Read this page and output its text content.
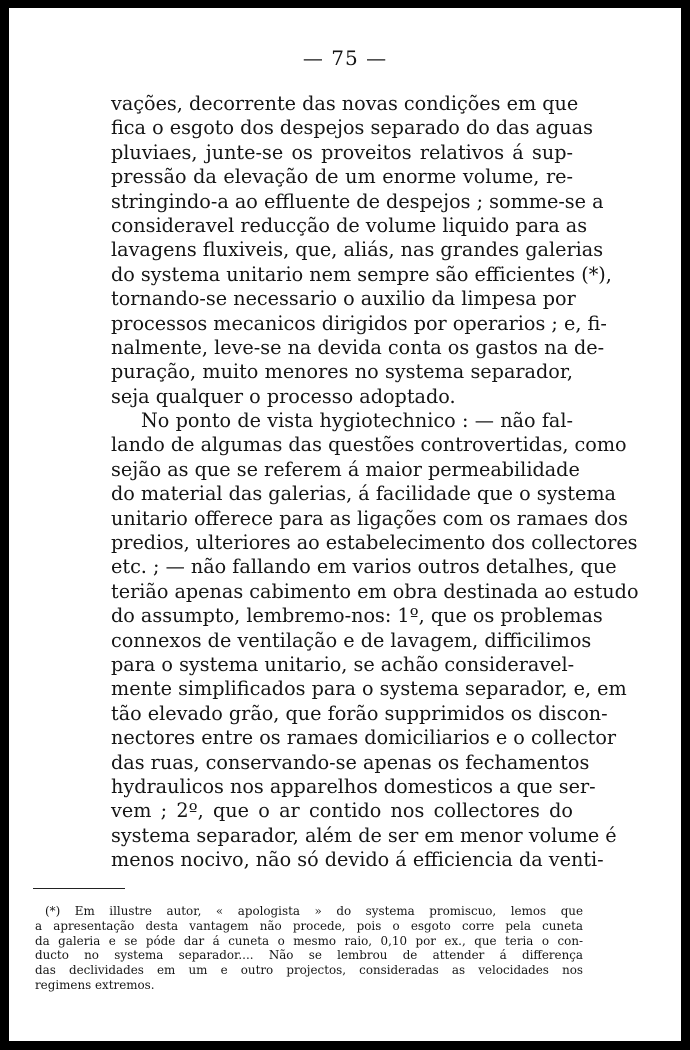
— 75 —

vações, decorrente das novas condições em que
fica o esgoto dos despejos separado do das aguas
pluviaes, junte-se os proveitos relativos á sup-
pressão da elevação de um enorme volume, re-
stringindo-a ao effluente de despejos ; somme-se a
consideravel reducção de volume liquido para as
lavagens fluxiveis, que, aliás, nas grandes galerias
do systema unitario nem sempre são efficientes (*),
tornando-se necessario o auxilio da limpesa por
processos mecanicos dirigidos por operarios ; e, fi-
nalmente, leve-se na devida conta os gastos na de-
puração, muito menores no systema separador,
seja qualquer o processo adoptado.
No ponto de vista hygiotechnico : — não fal-
lando de algumas das questões controvertidas, como
sejão as que se referem á maior permeabilidade
do material das galerias, á facilidade que o systema
unitario offerece para as ligações com os ramaes dos
predios, ulteriores ao estabelecimento dos collectores
etc. ; — não fallando em varios outros detalhes, que
terião apenas cabimento em obra destinada ao estudo
do assumpto, lembremo-nos: 1º, que os problemas
connexos de ventilação e de lavagem, difficilimos
para o systema unitario, se achão consideravel-
mente simplificados para o systema separador, e, em
tão elevado grão, que forão supprimidos os discon-
nectores entre os ramaes domiciliarios e o collector
das ruas, conservando-se apenas os fechamentos
hydraulicos nos apparelhos domesticos a que ser-
vem ; 2º, que o ar contido nos collectores do
systema separador, além de ser em menor volume é
menos nocivo, não só devido á efficiencia da venti-
(*) Em illustre autor, « apologista » do systema promiscuo, lemos que
a apresentação desta vantagem não procede, pois o esgoto corre pela cuneta
da galeria e se póde dar á cuneta o mesmo raio, 0,10 por ex., que teria o con-
ducto no systema separador.... Não se lembrou de attender á differença
das declividades em um e outro projectos, consideradas as velocidades nos
regimens extremos.
